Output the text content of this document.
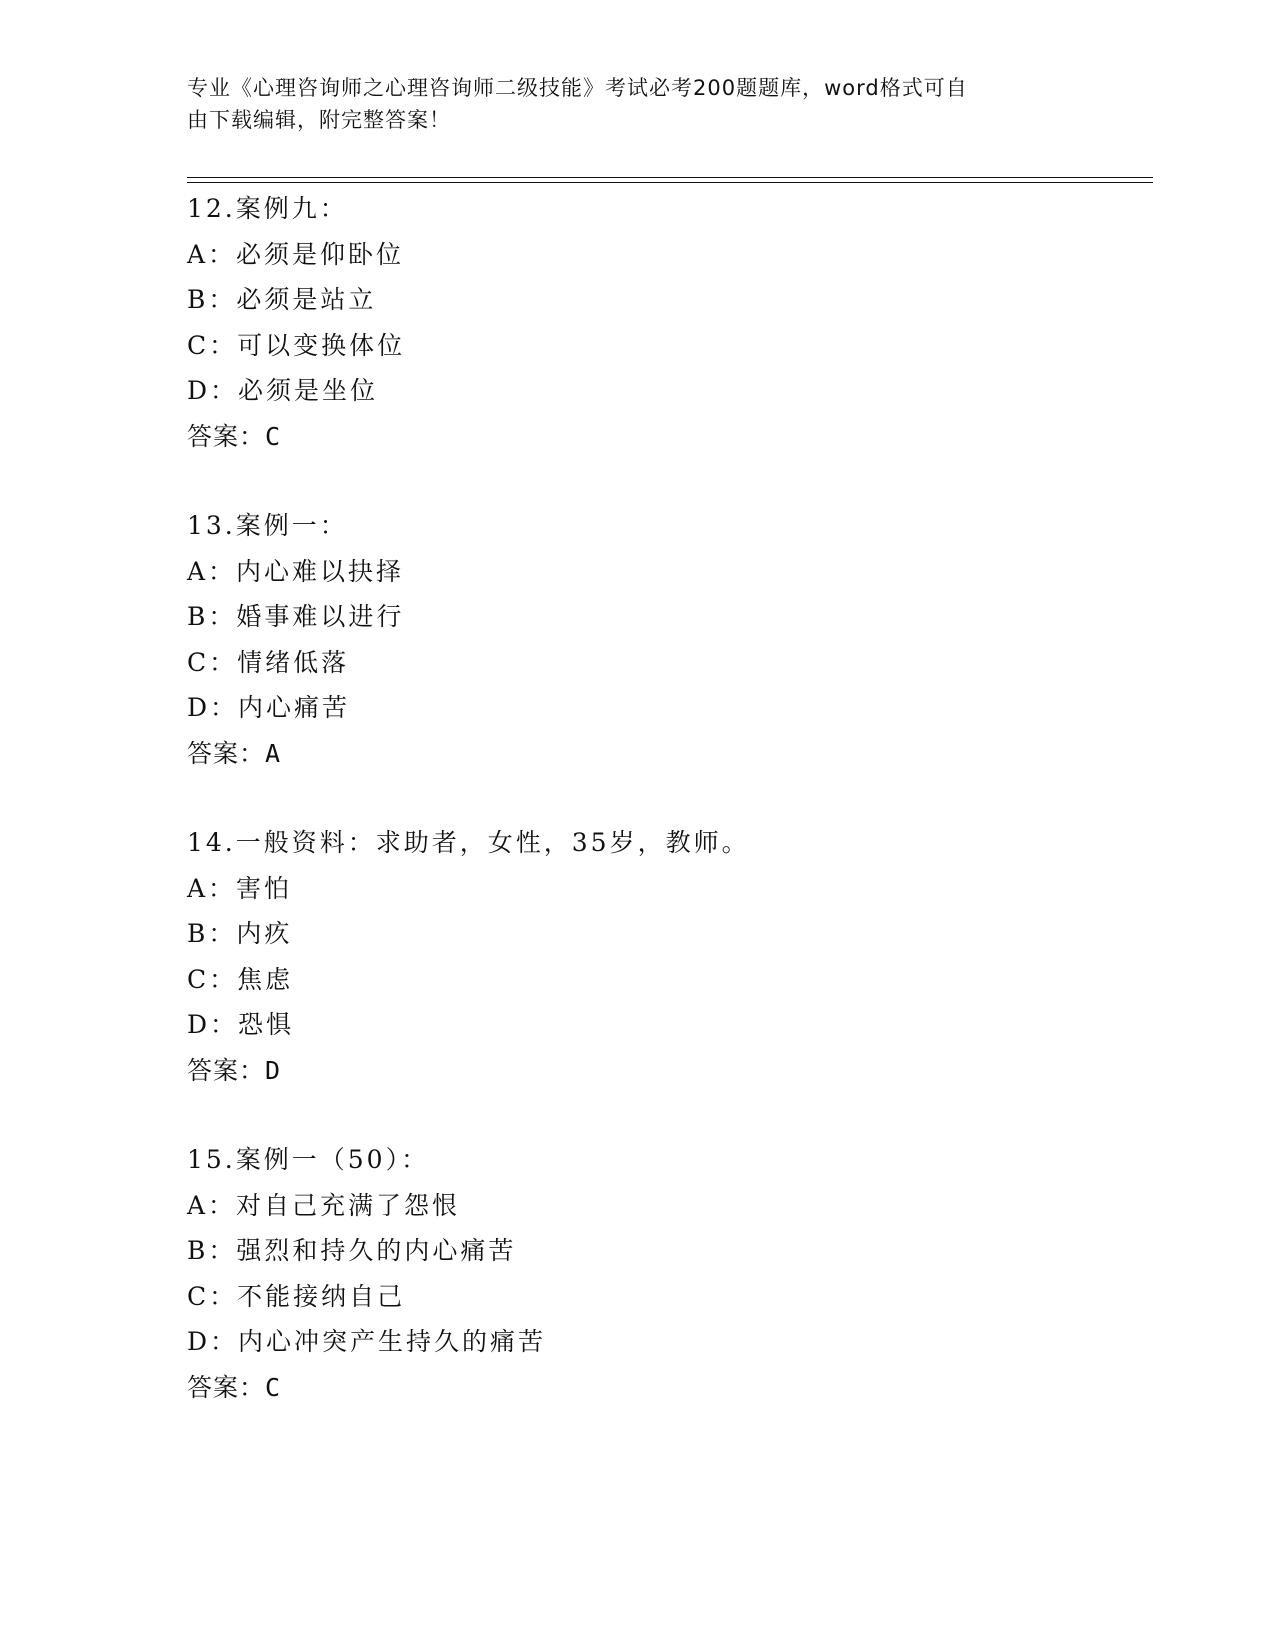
专业《心理咨询师之心理咨询师二级技能》考试必考200题题库，word格式可自
由下载编辑，附完整答案！
12.案例九：
A：必须是仰卧位
B：必须是站立
C：可以变换体位
D：必须是坐位
答案：C
13.案例一：
A：内心难以抉择
B：婚事难以进行
C：情绪低落
D：内心痛苦
答案：A
14.一般资料：求助者，女性，35岁，教师。
A：害怕
B：内疚
C：焦虑
D：恐惧
答案：D
15.案例一（50）：
A：对自己充满了怨恨
B：强烈和持久的内心痛苦
C：不能接纳自己
D：内心冲突产生持久的痛苦
答案：C
